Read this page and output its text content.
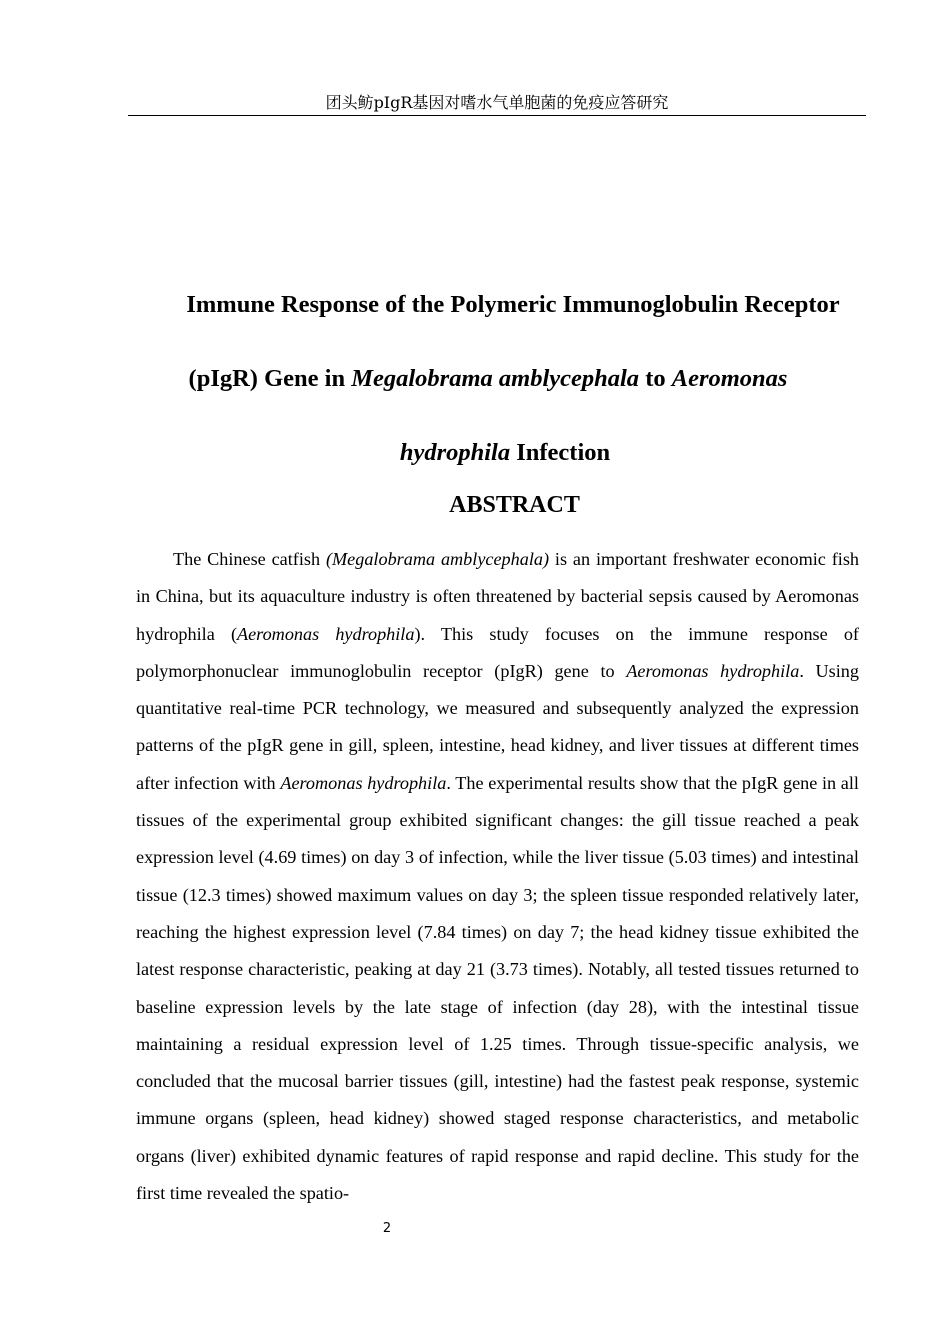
团头鲂pIgR基因对嗜水气单胞菌的免疫应答研究
Immune Response of the Polymeric Immunoglobulin Receptor
(pIgR) Gene in Megalobrama amblycephala to Aeromonas
hydrophila Infection
ABSTRACT

The Chinese catfish (Megalobrama amblycephala) is an important freshwater economic fish in China, but its aquaculture industry is often threatened by bacterial sepsis caused by Aeromonas hydrophila (Aeromonas hydrophila). This study focuses on the immune response of polymorphonuclear immunoglobulin receptor (pIgR) gene to Aeromonas hydrophila. Using quantitative real-time PCR technology, we measured and subsequently analyzed the expression patterns of the pIgR gene in gill, spleen, intestine, head kidney, and liver tissues at different times after infection with Aeromonas hydrophila. The experimental results show that the pIgR gene in all tissues of the experimental group exhibited significant changes: the gill tissue reached a peak expression level (4.69 times) on day 3 of infection, while the liver tissue (5.03 times) and intestinal tissue (12.3 times) showed maximum values on day 3; the spleen tissue responded relatively later, reaching the highest expression level (7.84 times) on day 7; the head kidney tissue exhibited the latest response characteristic, peaking at day 21 (3.73 times). Notably, all tested tissues returned to baseline expression levels by the late stage of infection (day 28), with the intestinal tissue maintaining a residual expression level of 1.25 times. Through tissue-specific analysis, we concluded that the mucosal barrier tissues (gill, intestine) had the fastest peak response, systemic immune organs (spleen, head kidney) showed staged response characteristics, and metabolic organs (liver) exhibited dynamic features of rapid response and rapid decline. This study for the first time revealed the spatio-

2
